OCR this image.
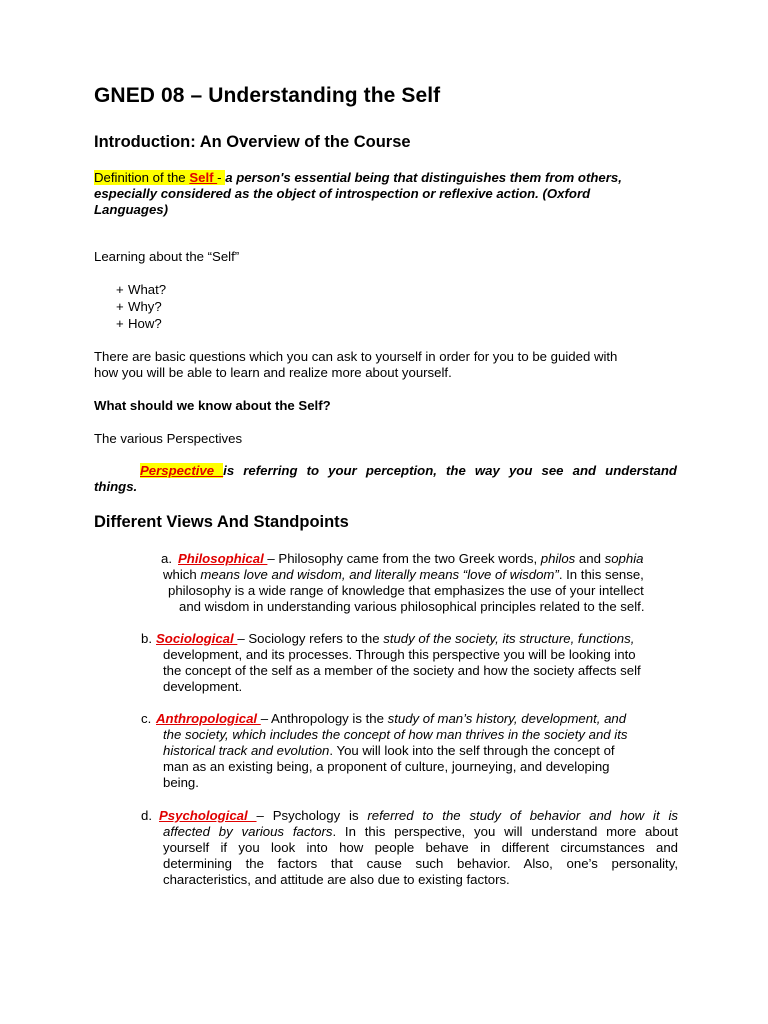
GNED 08 – Understanding the Self
Introduction: An Overview of the Course

Definition of the Self - a person's essential being that distinguishes them from others,

especially considered as the object of introspection or reflexive action. (Oxford

Languages)

Learning about the “Self”

+ What?

+ Why?

+ How?

There are basic questions which you can ask to yourself in order for you to be guided with

how you will be able to learn and realize more about yourself.

What should we know about the Self?

The various Perspectives

Perspective is referring to your perception, the way you see and understand

things.

Different Views And Standpoints
a. Philosophical – Philosophy came from the two Greek words, philos and sophia

which means love and wisdom, and literally means “love of wisdom”. In this sense,

philosophy is a wide range of knowledge that emphasizes the use of your intellect

and wisdom in understanding various philosophical principles related to the self.

b. Sociological – Sociology refers to the study of the society, its structure, functions,

development, and its processes. Through this perspective you will be looking into

the concept of the self as a member of the society and how the society affects self

development.

c. Anthropological – Anthropology is the study of man’s history, development, and

the society, which includes the concept of how man thrives in the society and its

historical track and evolution. You will look into the self through the concept of

man as an existing being, a proponent of culture, journeying, and developing

being.

d. Psychological – Psychology is referred to the study of behavior and how it is

affected by various factors. In this perspective, you will understand more about

yourself if you look into how people behave in different circumstances and

determining the factors that cause such behavior. Also, one’s personality,

characteristics, and attitude are also due to existing factors.
